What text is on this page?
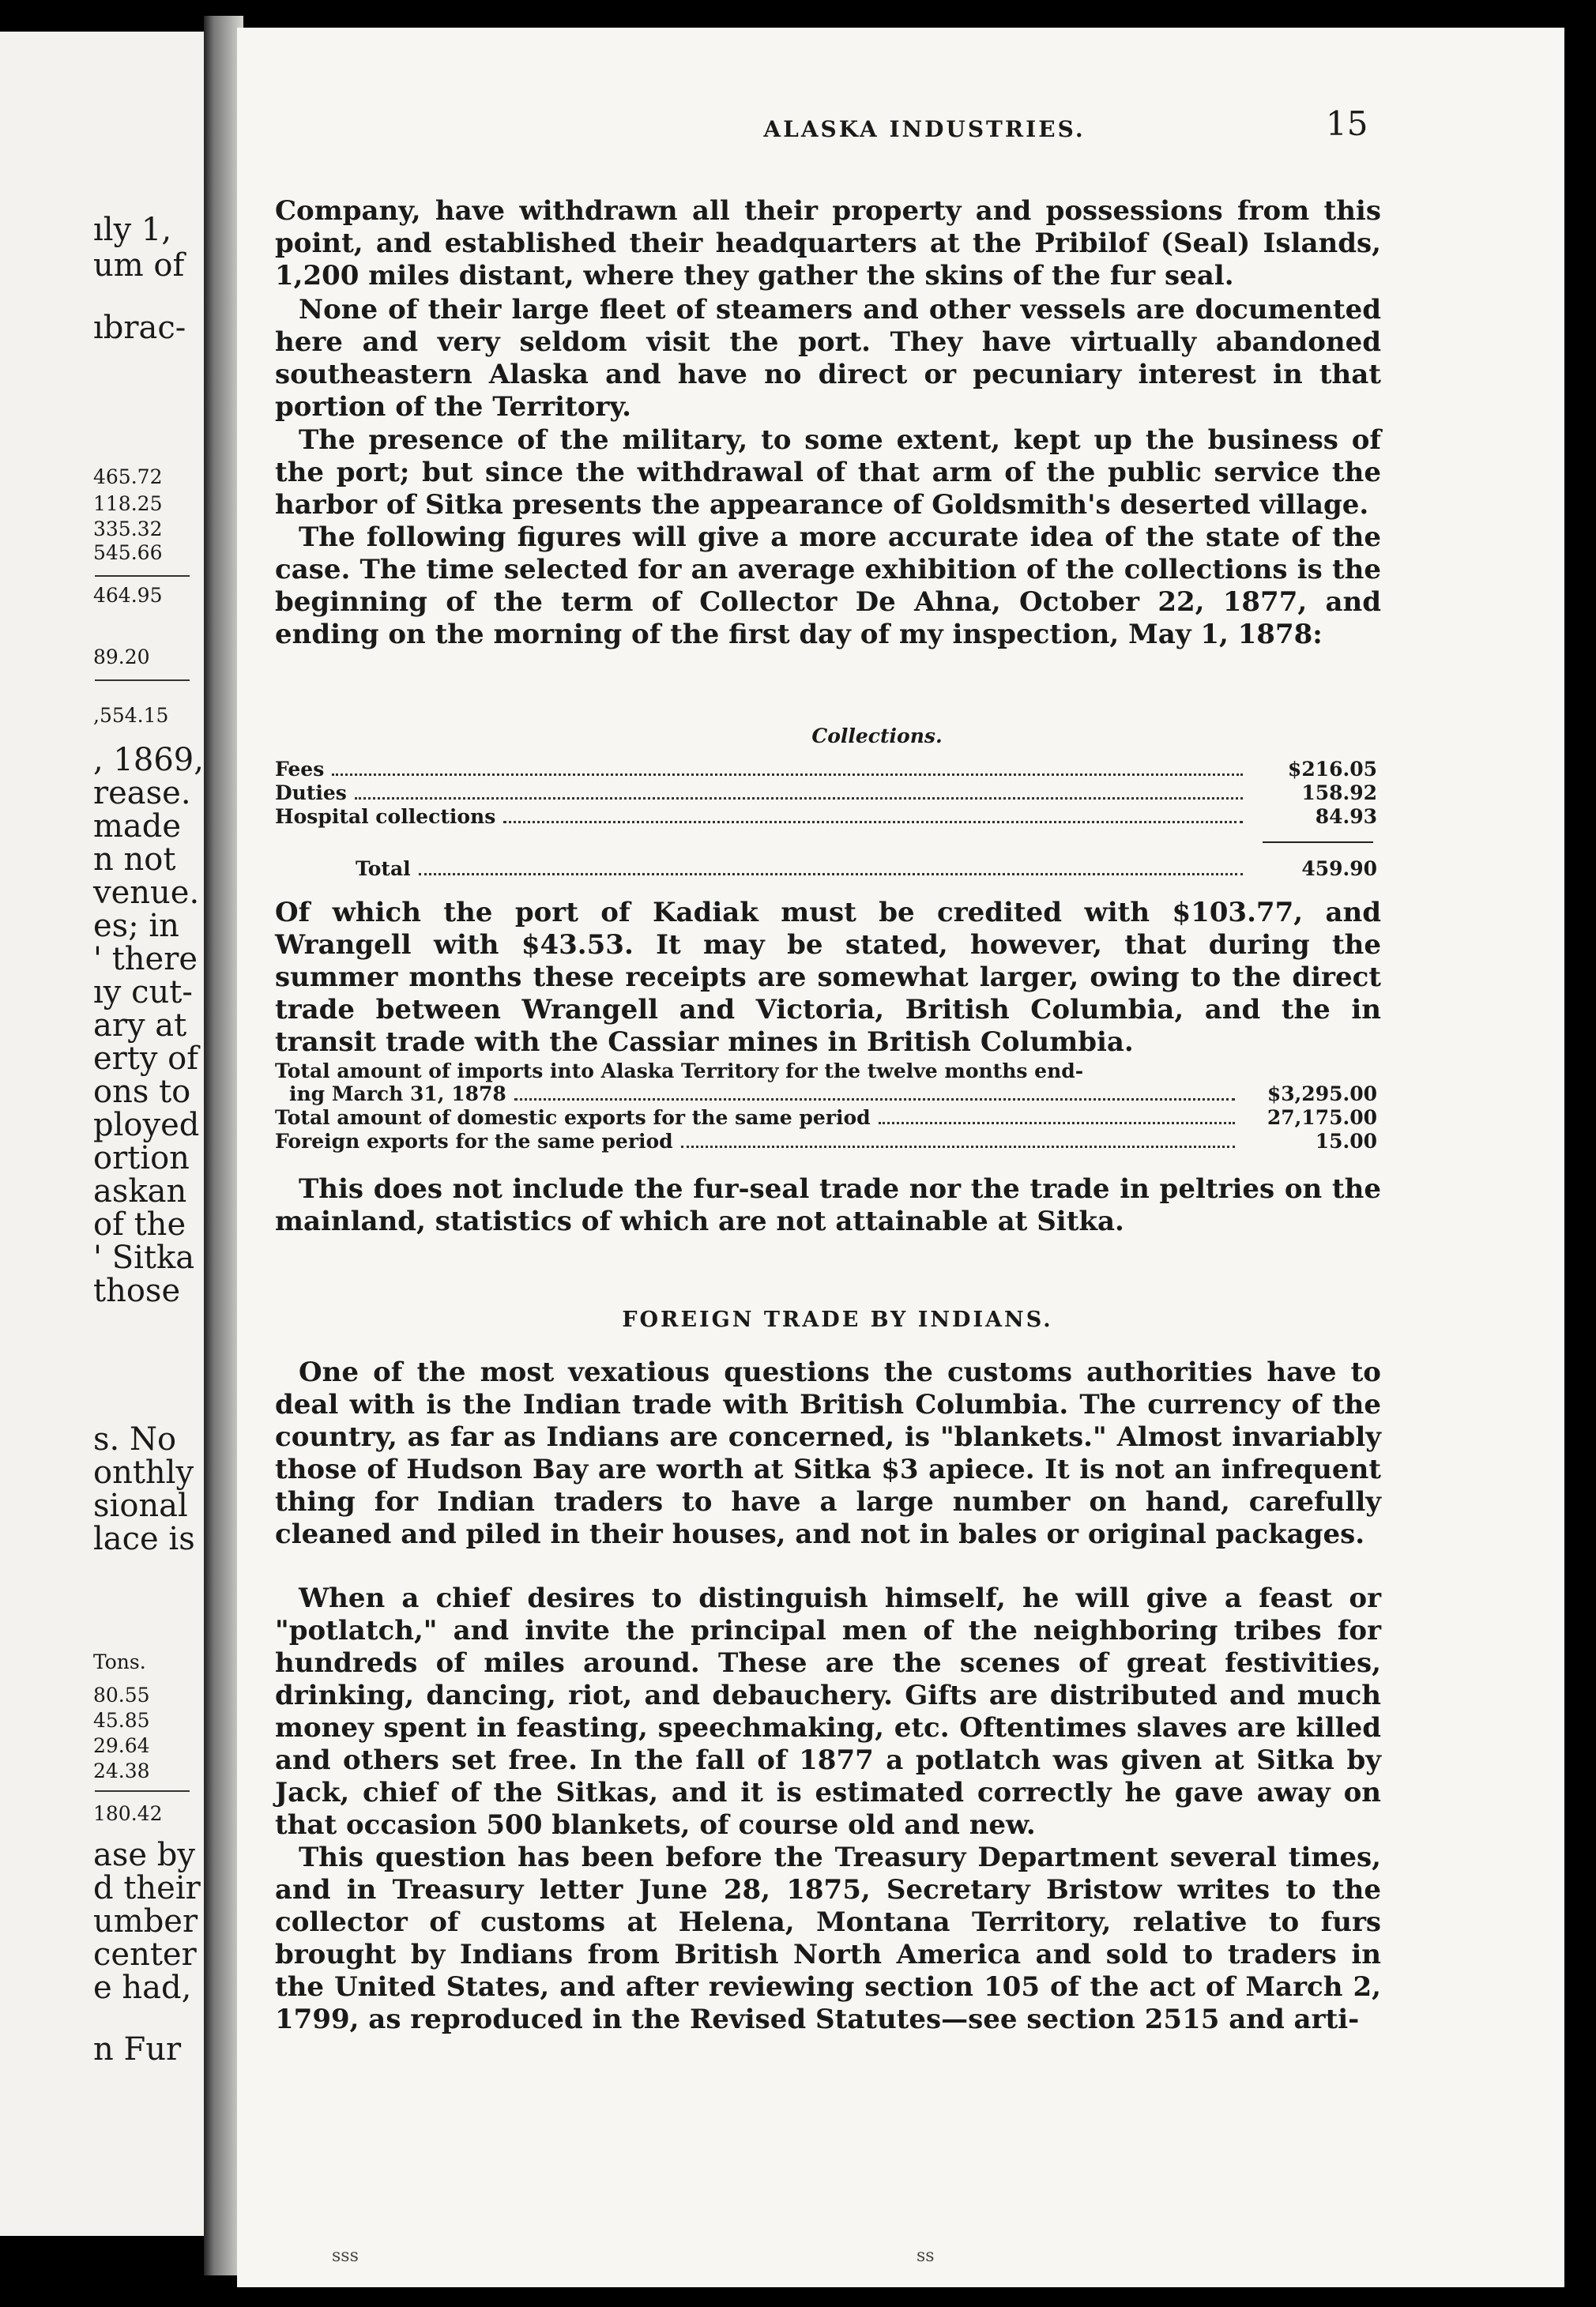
ıly 1,
um of
ıbrac-
465.72
118.25
335.32
545.66
464.95
89.20
,554.15
, 1869,
rease.
made
n not
venue.
es; in
' there
ıy cut-
ary at
erty of
ons to
ployed
ortion
askan
of the
' Sitka
those
s. No
onthly
sional
lace is
Tons.
80.55
45.85
29.64
24.38
180.42
ase by
d their
umber
center
e had,
n Fur
ALASKA INDUSTRIES.	15
Company, have withdrawn all their property and possessions from this point, and established their headquarters at the Pribilof (Seal) Islands, 1,200 miles distant, where they gather the skins of the fur seal.
None of their large fleet of steamers and other vessels are documented here and very seldom visit the port. They have virtually abandoned southeastern Alaska and have no direct or pecuniary interest in that portion of the Territory.
The presence of the military, to some extent, kept up the business of the port; but since the withdrawal of that arm of the public service the harbor of Sitka presents the appearance of Goldsmith's deserted village.
The following figures will give a more accurate idea of the state of the case. The time selected for an average exhibition of the collections is the beginning of the term of Collector De Ahna, October 22, 1877, and ending on the morning of the first day of my inspection, May 1, 1878:
Collections.
Fees	$216.05
Duties	158.92
Hospital collections	84.93
Total	459.90
Of which the port of Kadiak must be credited with $103.77, and Wrangell with $43.53. It may be stated, however, that during the summer months these receipts are somewhat larger, owing to the direct trade between Wrangell and Victoria, British Columbia, and the in transit trade with the Cassiar mines in British Columbia.
Total amount of imports into Alaska Territory for the twelve months end-
ing March 31, 1878	$3,295.00
Total amount of domestic exports for the same period	27,175.00
Foreign exports for the same period	15.00
This does not include the fur-seal trade nor the trade in peltries on the mainland, statistics of which are not attainable at Sitka.
FOREIGN TRADE BY INDIANS.
One of the most vexatious questions the customs authorities have to deal with is the Indian trade with British Columbia. The currency of the country, as far as Indians are concerned, is "blankets." Almost invariably those of Hudson Bay are worth at Sitka $3 apiece. It is not an infrequent thing for Indian traders to have a large number on hand, carefully cleaned and piled in their houses, and not in bales or original packages.
When a chief desires to distinguish himself, he will give a feast or "potlatch," and invite the principal men of the neighboring tribes for hundreds of miles around. These are the scenes of great festivities, drinking, dancing, riot, and debauchery. Gifts are distributed and much money spent in feasting, speechmaking, etc. Oftentimes slaves are killed and others set free. In the fall of 1877 a potlatch was given at Sitka by Jack, chief of the Sitkas, and it is estimated correctly he gave away on that occasion 500 blankets, of course old and new.
This question has been before the Treasury Department several times, and in Treasury letter June 28, 1875, Secretary Bristow writes to the collector of customs at Helena, Montana Territory, relative to furs brought by Indians from British North America and sold to traders in the United States, and after reviewing section 105 of the act of March 2, 1799, as reproduced in the Revised Statutes—see section 2515 and arti-
sss	ss
